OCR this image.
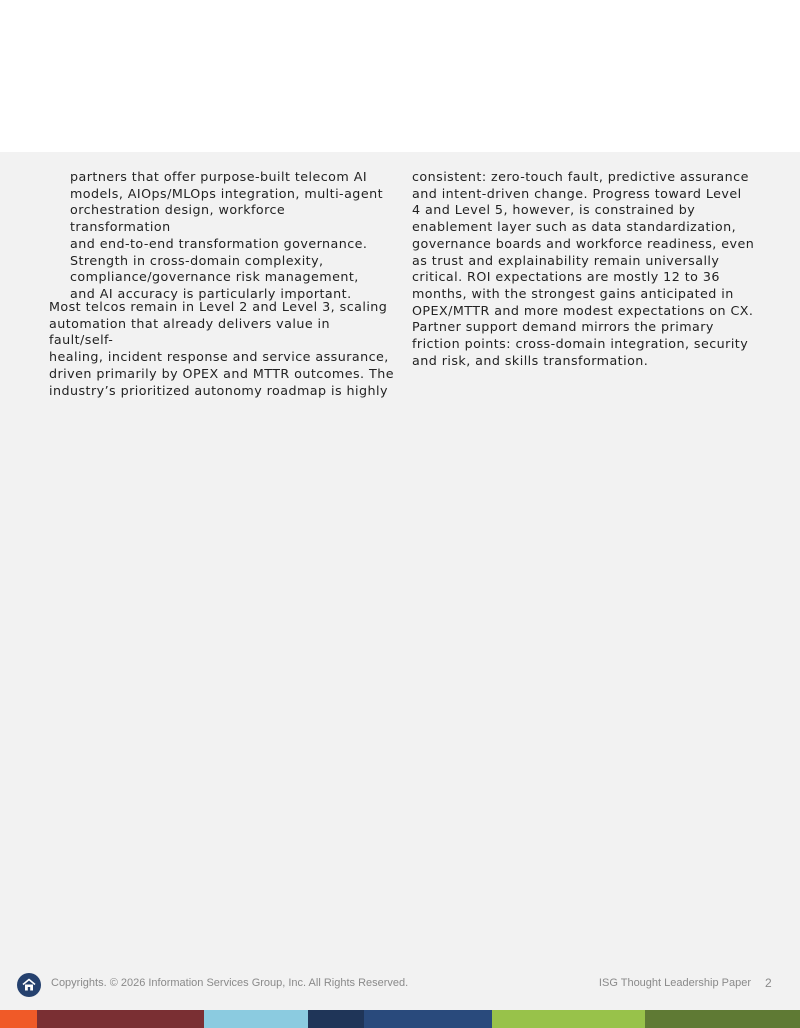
partners that offer purpose-built telecom AI
models, AIOps/MLOps integration, multi-agent
orchestration design, workforce transformation
and end-to-end transformation governance.
Strength in cross-domain complexity,
compliance/governance risk management,
and AI accuracy is particularly important.

Most telcos remain in Level 2 and Level 3, scaling
automation that already delivers value in fault/self-
healing, incident response and service assurance,
driven primarily by OPEX and MTTR outcomes. The
industry’s prioritized autonomy roadmap is highly

consistent: zero-touch fault, predictive assurance
and intent-driven change. Progress toward Level
4 and Level 5, however, is constrained by
enablement layer such as data standardization,
governance boards and workforce readiness, even
as trust and explainability remain universally
critical. ROI expectations are mostly 12 to 36
months, with the strongest gains anticipated in
OPEX/MTTR and more modest expectations on CX.
Partner support demand mirrors the primary
friction points: cross-domain integration, security
and risk, and skills transformation.

Copyrights. © 2026 Information Services Group, Inc. All Rights Reserved.	ISG Thought Leadership Paper 2
